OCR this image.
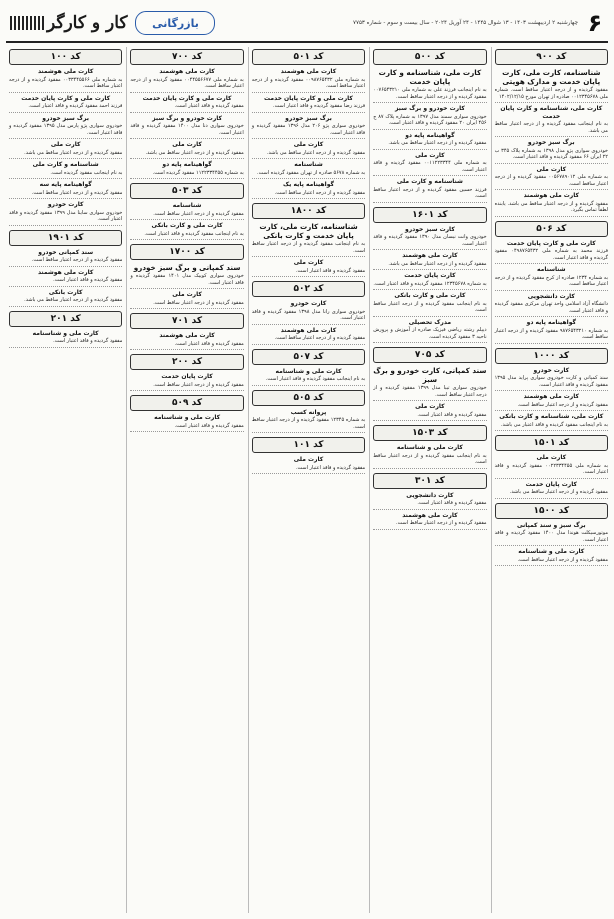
۶
چهارشنبه ۲ اردیبهشت ۱۴۰۳ - ۱۳ شوال ۱۴۴۵ - ۲۴ آوریل ۲۰۲۴ - سال بیست و سوم - شماره ۷۷۵۳
بازرگانی
کار و کارگر
کد ۹۰۰
شناسنامه، کارت ملی، کارت پایان خدمت و مدارک هویتی
مفقود گردیده و از درجه اعتبار ساقط است. شماره ملی ۰۰۱۲۳۴۵۶۷۸ صادره از تهران مورخ ۱۴۰۲/۱۲/۱۵
کارت ملی، شناسنامه و کارت پایان خدمت
به نام اینجانب مفقود گردیده و از درجه اعتبار ساقط می باشد.
برگ سبز خودرو
خودروی سواری پژو مدل ۱۳۹۸ به شماره پلاک ۳۴۵ ب ۲۲ ایران ۶۶ مفقود گردیده و فاقد اعتبار است.
کارت ملی
به شماره ملی ۰۰۵۶۷۸۹۰۱۲ مفقود گردیده و از درجه اعتبار ساقط است.
کارت ملی هوشمند
مفقود گردیده و از درجه اعتبار ساقط می باشد. یابنده لطفاً تماس بگیرد.
کد ۵۰۶
کارت ملی و کارت پایان خدمت
فرزند محمد به شماره ملی ۰۴۹۸۷۶۵۴۳۲ مفقود گردیده و فاقد اعتبار است.
شناسنامه
به شماره ۱۲۳۴ صادره از کرج مفقود گردیده و از درجه اعتبار ساقط است.
کارت دانشجویی
دانشگاه آزاد اسلامی واحد تهران مرکزی مفقود گردیده و فاقد اعتبار است.
گواهینامه پایه دو
به شماره ۹۸۷۶۵۴۳۲۱۰ مفقود گردیده و از درجه اعتبار ساقط است.
کد ۱۰۰۰
کارت خودرو
سند کمپانی و کارت خودروی سواری پراید مدل ۱۳۹۵ مفقود گردیده و فاقد اعتبار است.
کارت ملی هوشمند
مفقود گردیده و از درجه اعتبار ساقط است.
کارت ملی، شناسنامه و کارت بانکی
به نام اینجانب مفقود گردیده و فاقد اعتبار می باشد.
کد ۱۵۰۱
کارت ملی
به شماره ملی ۰۰۲۲۳۳۴۴۵۵ مفقود گردیده و فاقد اعتبار است.
کارت پایان خدمت
مفقود گردیده و از درجه اعتبار ساقط می باشد.
کد ۱۵۰۰
برگ سبز و سند کمپانی
موتورسیکلت هوندا مدل ۱۴۰۰ مفقود گردیده و فاقد اعتبار است.
کارت ملی و شناسنامه
مفقود گردیده و از درجه اعتبار ساقط است.
کد ۵۰۰
کارت ملی، شناسنامه و کارت پایان خدمت
به نام اینجانب فرزند علی به شماره ملی ۰۰۷۶۵۴۳۲۱۰ مفقود گردیده و از درجه اعتبار ساقط است.
کارت خودرو و برگ سبز
خودروی سواری سمند مدل ۱۳۹۷ به شماره پلاک ۸۷ ج ۴۵۶ ایران ۲۰ مفقود گردیده و فاقد اعتبار است.
گواهینامه پایه دو
مفقود گردیده و از درجه اعتبار ساقط می باشد.
کارت ملی
به شماره ملی ۰۰۱۱۲۲۳۳۴۴ مفقود گردیده و فاقد اعتبار است.
شناسنامه و کارت ملی
فرزند حسین مفقود گردیده و از درجه اعتبار ساقط است.
کد ۱۶۰۱
کارت سبز خودرو
خودروی وانت نیسان مدل ۱۳۹۰ مفقود گردیده و فاقد اعتبار است.
کارت ملی هوشمند
مفقود گردیده و از درجه اعتبار ساقط می باشد.
کارت پایان خدمت
به شماره ۱۲۳۴۵۶۷۸ مفقود گردیده و فاقد اعتبار است.
کارت ملی و کارت بانکی
به نام اینجانب مفقود گردیده و از درجه اعتبار ساقط است.
مدرک تحصیلی
دیپلم رشته ریاضی فیزیک صادره از آموزش و پرورش ناحیه ۳ مفقود گردیده است.
کد ۷۰۵
سند کمپانی، کارت خودرو و برگ سبز
خودروی سواری تیبا مدل ۱۳۹۹ مفقود گردیده و از درجه اعتبار ساقط است.
کارت ملی
مفقود گردیده و فاقد اعتبار است.
کد ۱۵۰۳
کارت ملی و شناسنامه
به نام اینجانب مفقود گردیده و از درجه اعتبار ساقط است.
کد ۳۰۱
کارت دانشجویی
مفقود گردیده و فاقد اعتبار است.
کارت ملی هوشمند
مفقود گردیده و از درجه اعتبار ساقط است.
کد ۵۰۱
کارت ملی هوشمند
به شماره ملی ۰۰۹۸۷۶۵۴۳۲ مفقود گردیده و از درجه اعتبار ساقط است.
کارت ملی و کارت پایان خدمت
فرزند رضا مفقود گردیده و فاقد اعتبار است.
برگ سبز خودرو
خودروی سواری پژو ۲۰۶ مدل ۱۳۹۶ مفقود گردیده و فاقد اعتبار است.
کارت ملی
مفقود گردیده و از درجه اعتبار ساقط می باشد.
شناسنامه
به شماره ۵۶۷۸ صادره از تهران مفقود گردیده است.
گواهینامه پایه یک
مفقود گردیده و از درجه اعتبار ساقط است.
کد ۱۸۰۰
شناسنامه، کارت ملی، کارت پایان خدمت و کارت بانکی
به نام اینجانب مفقود گردیده و از درجه اعتبار ساقط است.
کارت ملی
مفقود گردیده و فاقد اعتبار است.
کد ۵۰۲
کارت خودرو
خودروی سواری رانا مدل ۱۳۹۸ مفقود گردیده و فاقد اعتبار است.
کارت ملی هوشمند
مفقود گردیده و از درجه اعتبار ساقط است.
کد ۵۰۷
کارت ملی و شناسنامه
به نام اینجانب مفقود گردیده و فاقد اعتبار است.
کد ۵۰۵
پروانه کسب
به شماره ۱۲۳۴۵ مفقود گردیده و از درجه اعتبار ساقط است.
کد ۱۰۱
کارت ملی
مفقود گردیده و فاقد اعتبار است.
کد ۷۰۰
کارت ملی هوشمند
به شماره ملی ۰۰۴۴۵۵۶۶۷۷ مفقود گردیده و از درجه اعتبار ساقط است.
کارت ملی و کارت پایان خدمت
مفقود گردیده و فاقد اعتبار است.
کارت خودرو و برگ سبز
خودروی سواری دنا مدل ۱۴۰۰ مفقود گردیده و فاقد اعتبار است.
کارت ملی
مفقود گردیده و از درجه اعتبار ساقط می باشد.
گواهینامه پایه دو
به شماره ۱۱۲۲۳۳۴۴۵۵ مفقود گردیده است.
کد ۵۰۳
شناسنامه
مفقود گردیده و از درجه اعتبار ساقط است.
کارت ملی و کارت بانکی
به نام اینجانب مفقود گردیده و فاقد اعتبار است.
کد ۱۷۰۰
سند کمپانی و برگ سبز خودرو
خودروی سواری کوییک مدل ۱۴۰۱ مفقود گردیده و فاقد اعتبار است.
کارت ملی
مفقود گردیده و از درجه اعتبار ساقط است.
کد ۷۰۱
کارت ملی هوشمند
مفقود گردیده و فاقد اعتبار است.
کد ۲۰۰
کارت پایان خدمت
مفقود گردیده و از درجه اعتبار ساقط است.
کد ۵۰۹
کارت ملی و شناسنامه
مفقود گردیده و فاقد اعتبار است.
کد ۱۰۰
کارت ملی هوشمند
به شماره ملی ۰۰۳۳۴۴۵۵۶۶ مفقود گردیده و از درجه اعتبار ساقط است.
کارت ملی و کارت پایان خدمت
فرزند احمد مفقود گردیده و فاقد اعتبار است.
برگ سبز خودرو
خودروی سواری پژو پارس مدل ۱۳۹۵ مفقود گردیده و فاقد اعتبار است.
کارت ملی
مفقود گردیده و از درجه اعتبار ساقط می باشد.
شناسنامه و کارت ملی
به نام اینجانب مفقود گردیده است.
گواهینامه پایه سه
مفقود گردیده و از درجه اعتبار ساقط است.
کارت خودرو
خودروی سواری ساینا مدل ۱۳۹۹ مفقود گردیده و فاقد اعتبار است.
کد ۱۹۰۱
سند کمپانی خودرو
مفقود گردیده و از درجه اعتبار ساقط است.
کارت ملی هوشمند
مفقود گردیده و فاقد اعتبار است.
کارت بانکی
مفقود گردیده و از درجه اعتبار ساقط می باشد.
کد ۲۰۱
کارت ملی و شناسنامه
مفقود گردیده و فاقد اعتبار است.
